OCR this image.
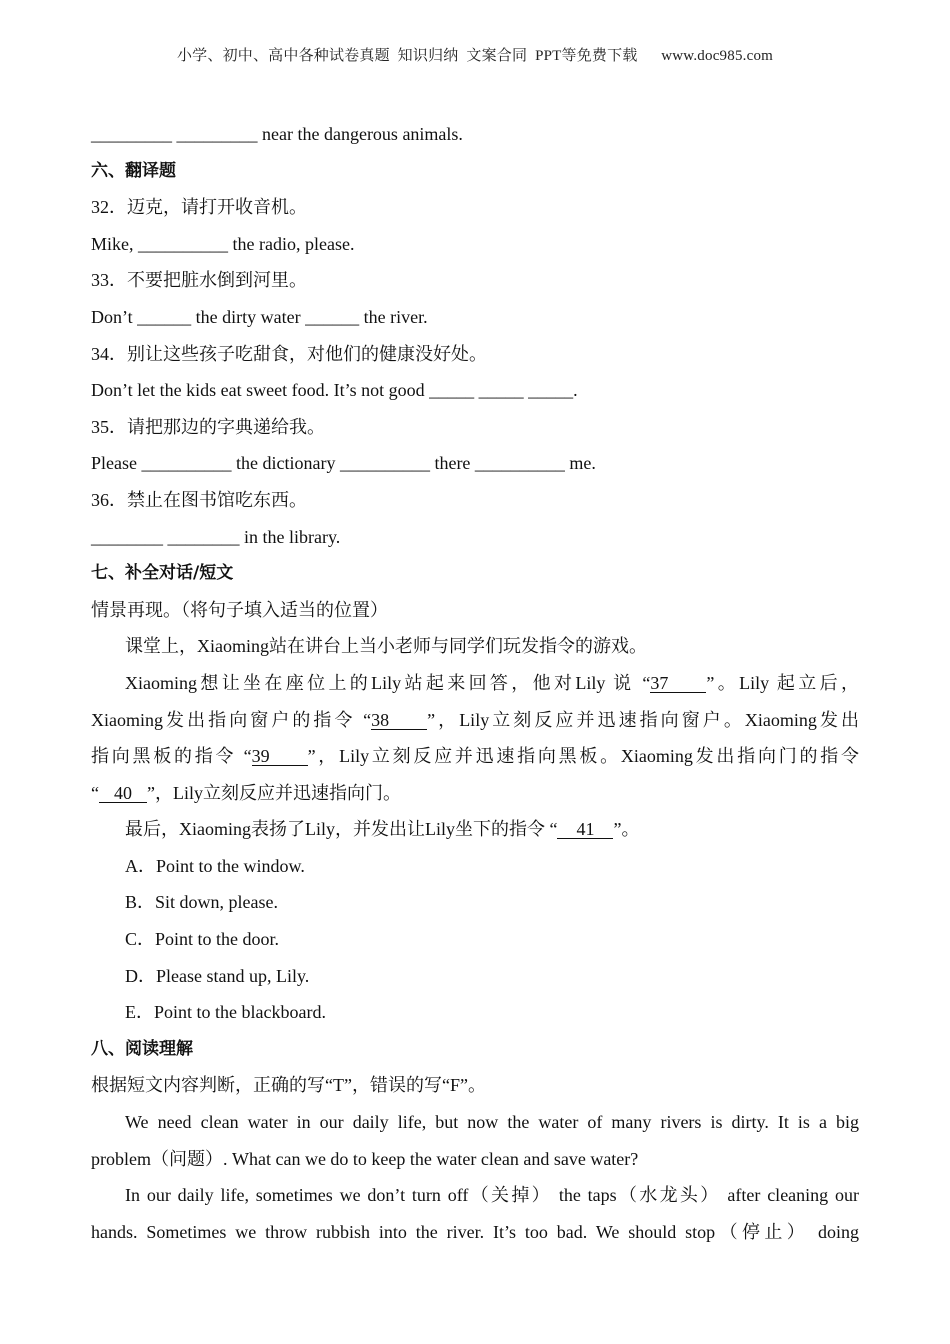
小学、初中、高中各种试卷真题  知识归纳  文案合同  PPT等免费下载      www.doc985.com
_________ _________ near the dangerous animals.
六、翻译题
32．迈克，请打开收音机。
Mike, __________ the radio, please.
33．不要把脏水倒到河里。
Don’t ______ the dirty water ______ the river.
34．别让这些孩子吃甜食，对他们的健康没好处。
Don’t let the kids eat sweet food. It’s not good _____ _____ _____.
35．请把那边的字典递给我。
Please __________ the dictionary __________ there __________ me.
36．禁止在图书馆吃东西。
________ ________ in the library.
七、补全对话/短文
情景再现。（将句子填入适当的位置）
课堂上，Xiaoming站在讲台上当小老师与同学们玩发指令的游戏。
Xiaoming想让坐在座位上的Lily站起来回答，他对Lily 说 “37 ”。Lily 起立后，
Xiaoming发出指向窗户的指令 “38 ”，Lily立刻反应并迅速指向窗户。Xiaoming发出
指向黑板的指令 “39 ”，Lily立刻反应并迅速指向黑板。Xiaoming发出指向门的指令
“ 40 ”，Lily立刻反应并迅速指向门。
最后，Xiaoming表扬了Lily，并发出让Lily坐下的指令 “ 41 ”。
A．Point to the window.
B．Sit down, please.
C．Point to the door.
D．Please stand up, Lily.
E．Point to the blackboard.
八、阅读理解
根据短文内容判断，正确的写“T”，错误的写“F”。
We need clean water in our daily life, but now the water of many rivers is dirty. It is a big
problem（问题）. What can we do to keep the water clean and save water?
In our daily life, sometimes we don’t turn off（关掉） the taps（水龙头） after cleaning our
hands. Sometimes we throw rubbish into the river. It’s too bad. We should stop（停止） doing
